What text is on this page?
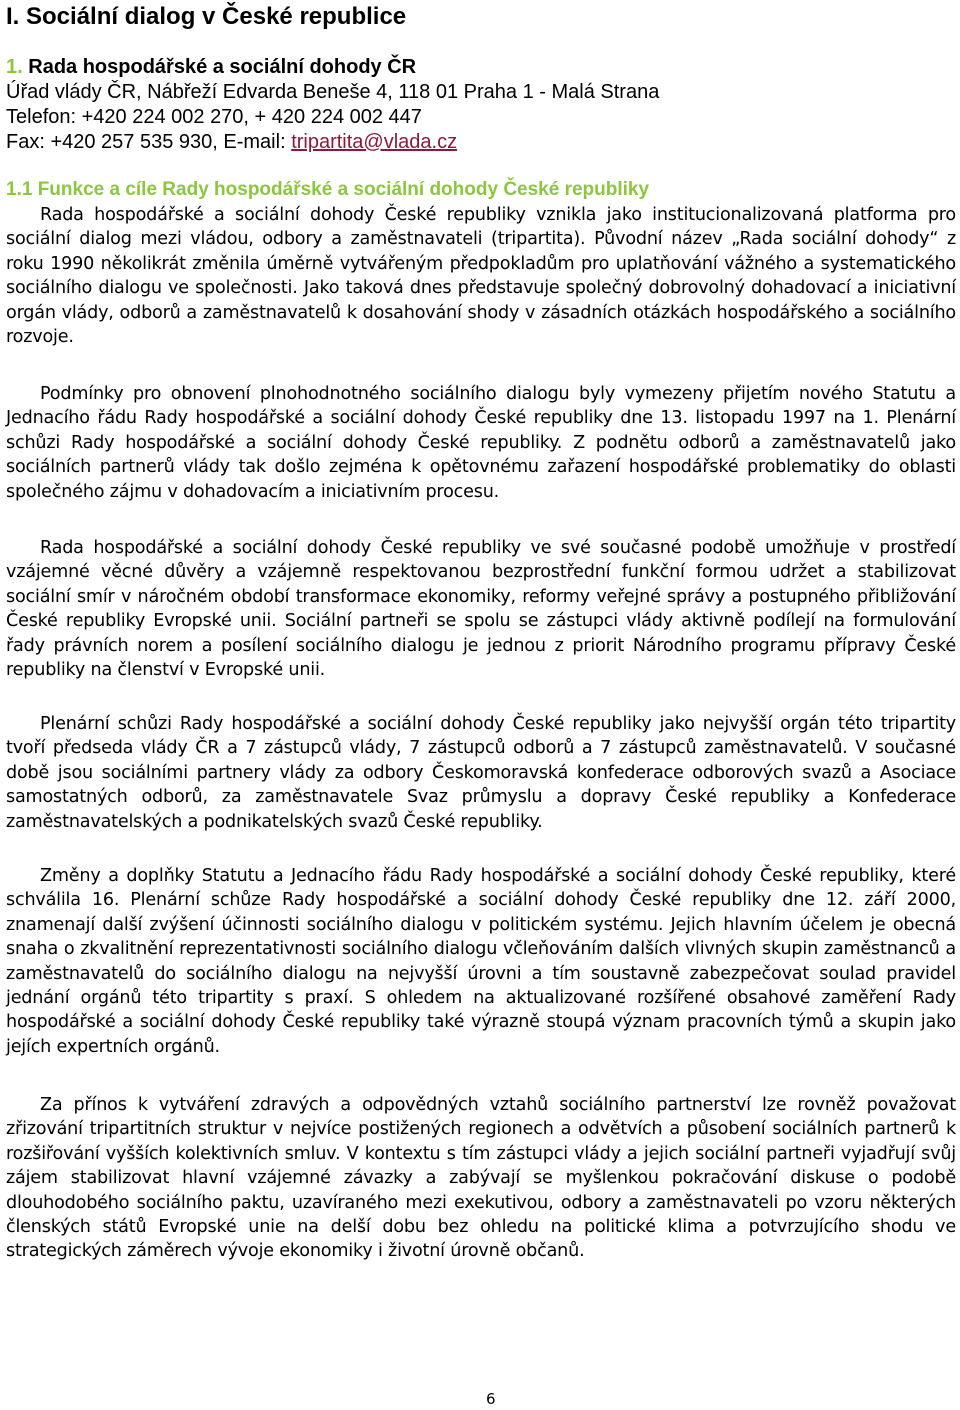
I. Sociální dialog v České republice
1. Rada hospodářské a sociální dohody ČR
Úřad vlády ČR, Nábřeží Edvarda Beneše 4, 118 01 Praha 1 - Malá Strana
Telefon: +420 224 002 270, + 420 224 002 447
Fax: +420 257 535 930, E-mail: tripartita@vlada.cz
1.1 Funkce a cíle Rady hospodářské a sociální dohody České republiky

Rada hospodářské a sociální dohody České republiky vznikla jako institucionalizovaná platforma pro sociální dialog mezi vládou, odbory a zaměstnavateli (tripartita). Původní název „Rada sociální dohody“ z roku 1990 několikrát změnila úměrně vytvářeným předpokladům pro uplatňování vážného a systematického sociálního dialogu ve společnosti. Jako taková dnes představuje společný dobrovolný dohadovací a iniciativní orgán vlády, odborů a zaměstnavatelů k dosahování shody v zásadních otázkách hospodářského a sociálního rozvoje.

Podmínky pro obnovení plnohodnotného sociálního dialogu byly vymezeny přijetím nového Statutu a Jednacího řádu Rady hospodářské a sociální dohody České republiky dne 13. listopadu 1997 na 1. Plenární schůzi Rady hospodářské a sociální dohody České republiky. Z podnětu odborů a zaměstnavatelů jako sociálních partnerů vlády tak došlo zejména k opětovnému zařazení hospodářské problematiky do oblasti společného zájmu v dohadovacím a iniciativním procesu.

Rada hospodářské a sociální dohody České republiky ve své současné podobě umožňuje v prostředí vzájemné věcné důvěry a vzájemně respektovanou bezprostřední funkční formou udržet a stabilizovat sociální smír v náročném období transformace ekonomiky, reformy veřejné správy a postupného přibližování České republiky Evropské unii. Sociální partneři se spolu se zástupci vlády aktivně podílejí na formulování řady právních norem a posílení sociálního dialogu je jednou z priorit Národního programu přípravy České republiky na členství v Evropské unii.

Plenární schůzi Rady hospodářské a sociální dohody České republiky jako nejvyšší orgán této tripartity tvoří předseda vlády ČR a 7 zástupců vlády, 7 zástupců odborů a 7 zástupců zaměstnavatelů. V současné době jsou sociálními partnery vlády za odbory Českomoravská konfederace odborových svazů a Asociace samostatných odborů, za zaměstnavatele Svaz průmyslu a dopravy České republiky a Konfederace zaměstnavatelských a podnikatelských svazů České republiky.

Změny a doplňky Statutu a Jednacího řádu Rady hospodářské a sociální dohody České republiky, které schválila 16. Plenární schůze Rady hospodářské a sociální dohody České republiky dne 12. září 2000, znamenají další zvýšení účinnosti sociálního dialogu v politickém systému. Jejich hlavním účelem je obecná snaha o zkvalitnění reprezentativnosti sociálního dialogu včleňováním dalších vlivných skupin zaměstnanců a zaměstnavatelů do sociálního dialogu na nejvyšší úrovni a tím soustavně zabezpečovat soulad pravidel jednání orgánů této tripartity s praxí. S ohledem na aktualizované rozšířené obsahové zaměření Rady hospodářské a sociální dohody České republiky také výrazně stoupá význam pracovních týmů a skupin jako jejích expertních orgánů.

Za přínos k vytváření zdravých a odpovědných vztahů sociálního partnerství lze rovněž považovat zřizování tripartitních struktur v nejvíce postižených regionech a odvětvích a působení sociálních partnerů k rozšiřování vyšších kolektivních smluv. V kontextu s tím zástupci vlády a jejich sociální partneři vyjadřují svůj zájem stabilizovat hlavní vzájemné závazky a zabývají se myšlenkou pokračování diskuse o podobě dlouhodobého sociálního paktu, uzavíraného mezi exekutivou, odbory a zaměstnavateli po vzoru některých členských států Evropské unie na delší dobu bez ohledu na politické klima a potvrzujícího shodu ve strategických záměrech vývoje ekonomiky i životní úrovně občanů.

6
